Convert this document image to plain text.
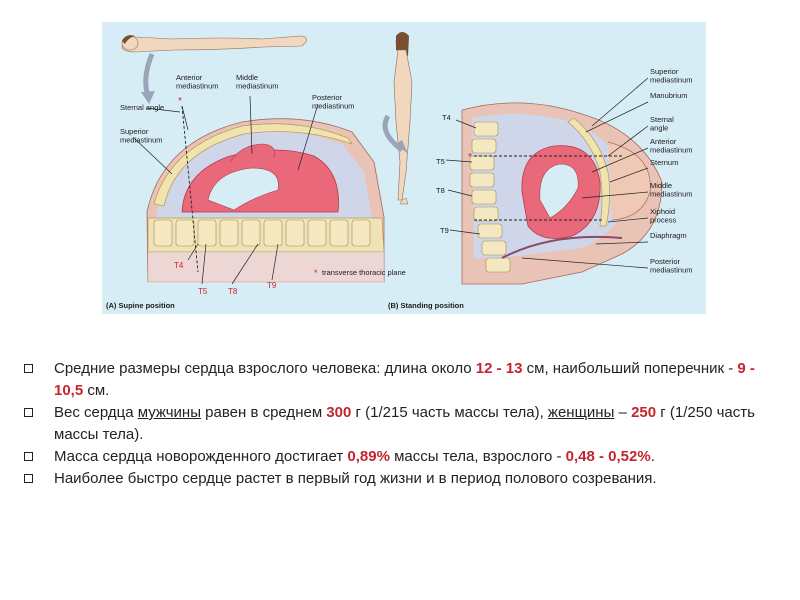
Anterior mediastinum
*
Middle mediastinum
Posterior mediastinum
Sternal angle
Superior mediastinum
T4
T5	T8
T9
* transverse thoracic plane
(A) Supine position
T4
*
T5
T8
T9
Superior mediastinum
Manubrium
Sternal angle
Anterior mediastinum
Sternum
Middle mediastinum
Xiphoid process
Diaphragm
Posterior mediastinum
(B) Standing position
Средние размеры сердца взрослого человека: длина около 12 - 13 см, наибольший поперечник - 9 - 10,5 см.
Вес сердца мужчины равен в среднем 300 г (1/215 часть массы тела), женщины – 250 г (1/250 часть массы тела).
Масса сердца новорожденного достигает 0,89% массы тела, взрослого - 0,48 - 0,52%.
Наиболее быстро сердце растет в первый год жизни и в период полового созревания.
